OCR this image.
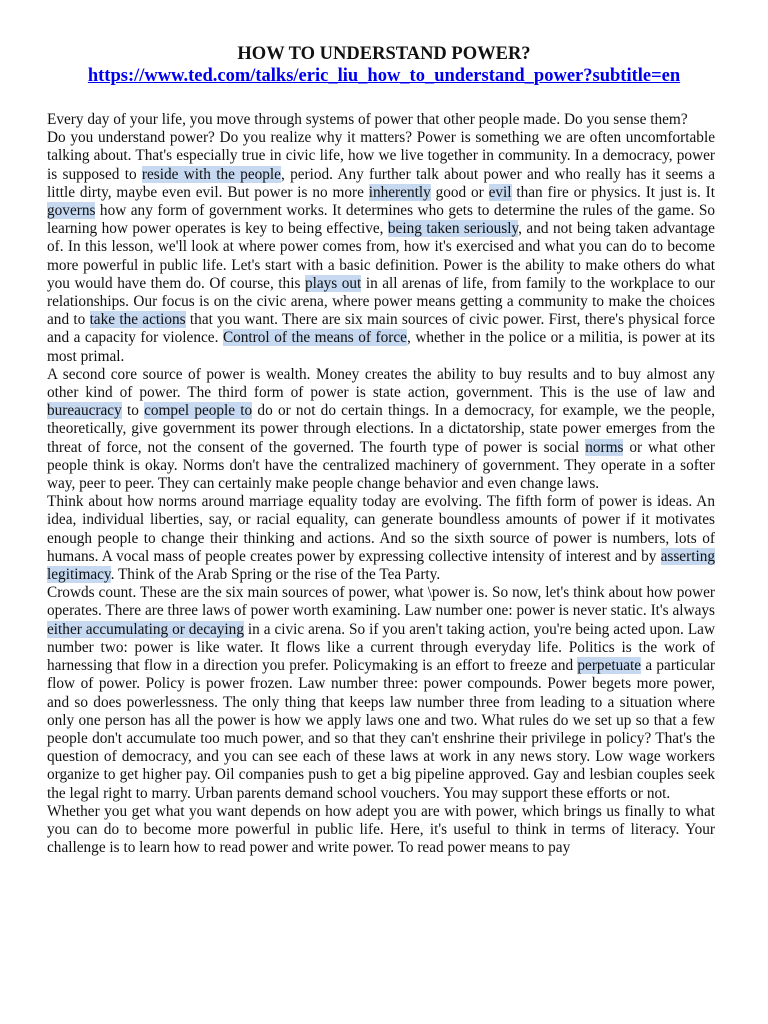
HOW TO UNDERSTAND POWER?
https://www.ted.com/talks/eric_liu_how_to_understand_power?subtitle=en

Every day of your life, you move through systems of power that other people made. Do you sense them?

Do you understand power? Do you realize why it matters? Power is something we are often uncomfortable talking about. That's especially true in civic life, how we live together in community. In a democracy, power is supposed to reside with the people, period. Any further talk about power and who really has it seems a little dirty, maybe even evil. But power is no more inherently good or evil than fire or physics. It just is. It governs how any form of government works. It determines who gets to determine the rules of the game. So learning how power operates is key to being effective, being taken seriously, and not being taken advantage of. In this lesson, we'll look at where power comes from, how it's exercised and what you can do to become more powerful in public life. Let's start with a basic definition. Power is the ability to make others do what you would have them do. Of course, this plays out in all arenas of life, from family to the workplace to our relationships. Our focus is on the civic arena, where power means getting a community to make the choices and to take the actions that you want. There are six main sources of civic power. First, there's physical force and a capacity for violence. Control of the means of force, whether in the police or a militia, is power at its most primal.

A second core source of power is wealth. Money creates the ability to buy results and to buy almost any other kind of power. The third form of power is state action, government. This is the use of law and bureaucracy to compel people to do or not do certain things. In a democracy, for example, we the people, theoretically, give government its power through elections. In a dictatorship, state power emerges from the threat of force, not the consent of the governed. The fourth type of power is social norms or what other people think is okay. Norms don't have the centralized machinery of government. They operate in a softer way, peer to peer. They can certainly make people change behavior and even change laws.

Think about how norms around marriage equality today are evolving. The fifth form of power is ideas. An idea, individual liberties, say, or racial equality, can generate boundless amounts of power if it motivates enough people to change their thinking and actions. And so the sixth source of power is numbers, lots of humans. A vocal mass of people creates power by expressing collective intensity of interest and by asserting legitimacy. Think of the Arab Spring or the rise of the Tea Party.

Crowds count. These are the six main sources of power, what \power is. So now, let's think about how power operates. There are three laws of power worth examining. Law number one: power is never static. It's always either accumulating or decaying in a civic arena. So if you aren't taking action, you're being acted upon. Law number two: power is like water. It flows like a current through everyday life. Politics is the work of harnessing that flow in a direction you prefer. Policymaking is an effort to freeze and perpetuate a particular flow of power. Policy is power frozen. Law number three: power compounds. Power begets more power, and so does powerlessness. The only thing that keeps law number three from leading to a situation where only one person has all the power is how we apply laws one and two. What rules do we set up so that a few people don't accumulate too much power, and so that they can't enshrine their privilege in policy? That's the question of democracy, and you can see each of these laws at work in any news story. Low wage workers organize to get higher pay. Oil companies push to get a big pipeline approved. Gay and lesbian couples seek the legal right to marry. Urban parents demand school vouchers. You may support these efforts or not.

Whether you get what you want depends on how adept you are with power, which brings us finally to what you can do to become more powerful in public life. Here, it's useful to think in terms of literacy. Your challenge is to learn how to read power and write power. To read power means to pay
